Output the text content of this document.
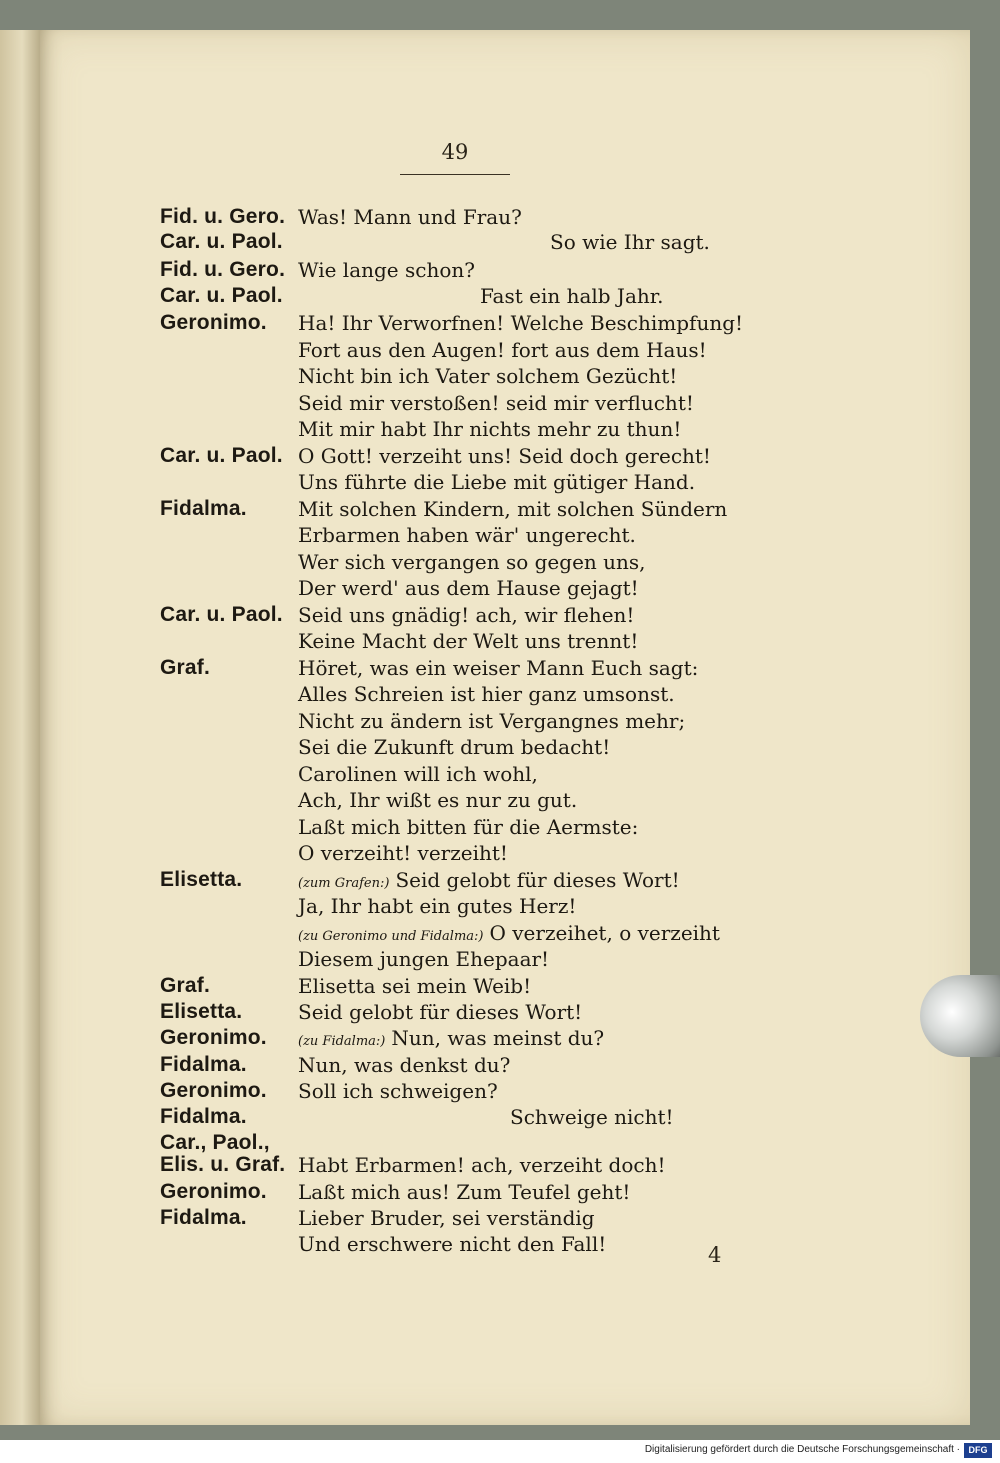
49
Fid. u. Gero. Was! Mann und Frau?
Car. u. Paol.	So wie Ihr sagt.
Fid. u. Gero. Wie lange schon?
Car. u. Paol.	Fast ein halb Jahr.
Geronimo. Ha! Ihr Verworfnen! Welche Beschimpfung!
Fort aus den Augen! fort aus dem Haus!
Nicht bin ich Vater solchem Gezücht!
Seid mir verstoßen! seid mir verflucht!
Mit mir habt Ihr nichts mehr zu thun!
Car. u. Paol. O Gott! verzeiht uns! Seid doch gerecht!
Uns führte die Liebe mit gütiger Hand.
Fidalma.	Mit solchen Kindern, mit solchen Sündern
Erbarmen haben wär' ungerecht.
Wer sich vergangen so gegen uns,
Der werd' aus dem Hause gejagt!
Car. u. Paol. Seid uns gnädig! ach, wir flehen!
Keine Macht der Welt uns trennt!
Graf.	Höret, was ein weiser Mann Euch sagt:
Alles Schreien ist hier ganz umsonst.
Nicht zu ändern ist Vergangnes mehr;
Sei die Zukunft drum bedacht!
Carolinen will ich wohl,
Ach, Ihr wißt es nur zu gut.
Laßt mich bitten für die Aermste:
O verzeiht! verzeiht!
Elisetta.	(zum Grafen:) Seid gelobt für dieses Wort!
Ja, Ihr habt ein gutes Herz!
(zu Geronimo und Fidalma:) O verzeihet, o verzeiht
Diesem jungen Ehepaar!
Graf.	Elisetta sei mein Weib!
Elisetta.	Seid gelobt für dieses Wort!
Geronimo. (zu Fidalma:) Nun, was meinst du?
Fidalma.	Nun, was denkst du?
Geronimo. Soll ich schweigen?
Fidalma.	Schweige nicht!
Car., Paol.,
Elis. u. Graf. Habt Erbarmen! ach, verzeiht doch!
Geronimo. Laßt mich aus! Zum Teufel geht!
Fidalma.	Lieber Bruder, sei verständig
Und erschwere nicht den Fall!	4
Digitalisierung gefördert durch die Deutsche Forschungsgemeinschaft · DFG
